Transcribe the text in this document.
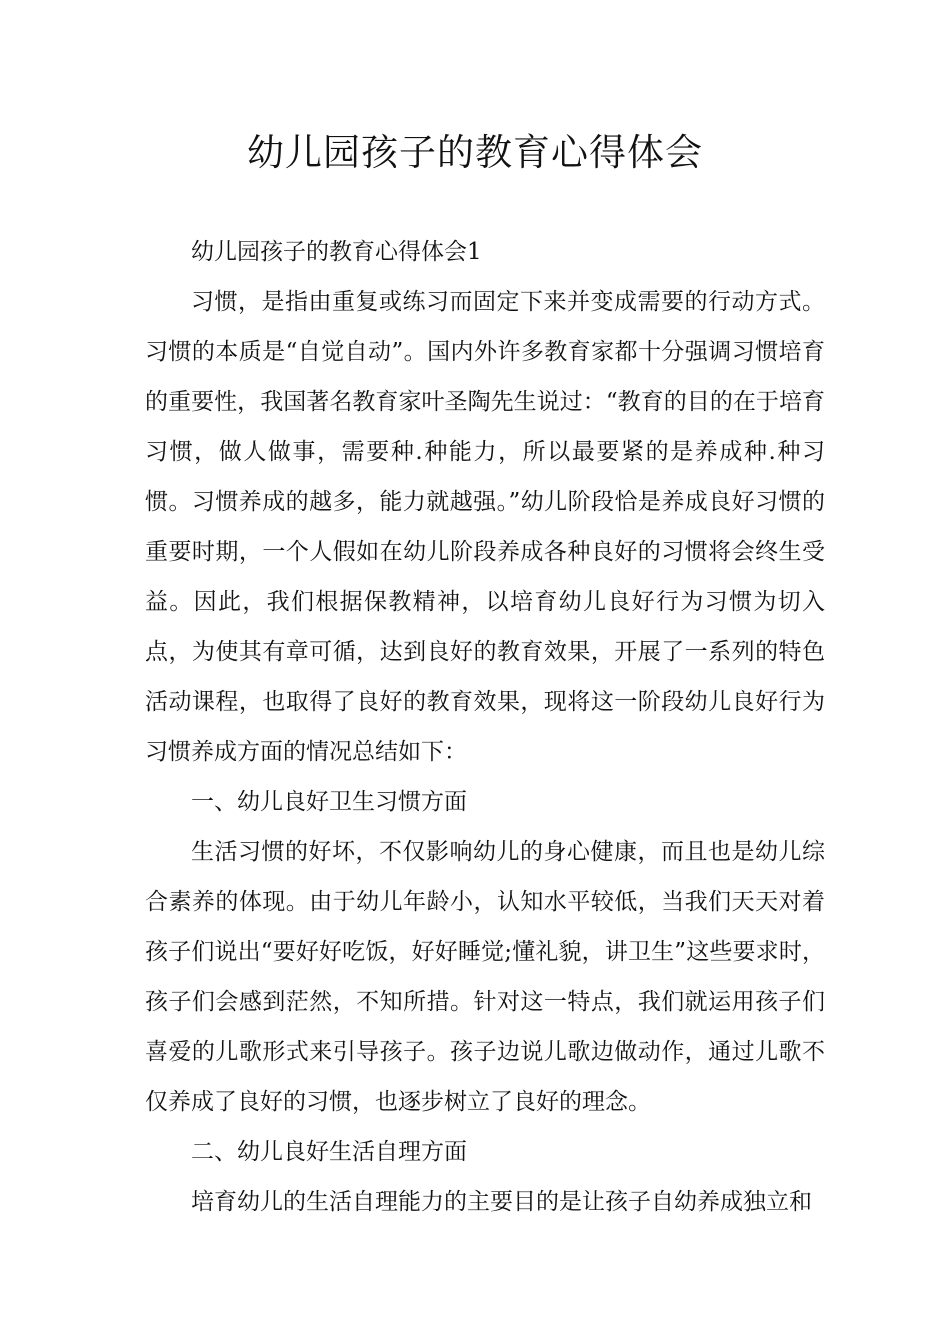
幼儿园孩子的教育心得体会

幼儿园孩子的教育心得体会1

习惯，是指由重复或练习而固定下来并变成需要的行动方式。习惯的本质是“自觉自动”。国内外许多教育家都十分强调习惯培育的重要性，我国著名教育家叶圣陶先生说过：“教育的目的在于培育习惯，做人做事，需要种.种能力，所以最要紧的是养成种.种习惯。习惯养成的越多，能力就越强。”幼儿阶段恰是养成良好习惯的重要时期，一个人假如在幼儿阶段养成各种良好的习惯将会终生受益。因此，我们根据保教精神，以培育幼儿良好行为习惯为切入点，为使其有章可循，达到良好的教育效果，开展了一系列的特色活动课程，也取得了良好的教育效果，现将这一阶段幼儿良好行为习惯养成方面的情况总结如下：

一、幼儿良好卫生习惯方面

生活习惯的好坏，不仅影响幼儿的身心健康，而且也是幼儿综合素养的体现。由于幼儿年龄小，认知水平较低，当我们天天对着孩子们说出“要好好吃饭，好好睡觉;懂礼貌，讲卫生”这些要求时，孩子们会感到茫然，不知所措。针对这一特点，我们就运用孩子们喜爱的儿歌形式来引导孩子。孩子边说儿歌边做动作，通过儿歌不仅养成了良好的习惯，也逐步树立了良好的理念。

二、幼儿良好生活自理方面

培育幼儿的生活自理能力的主要目的是让孩子自幼养成独立和
